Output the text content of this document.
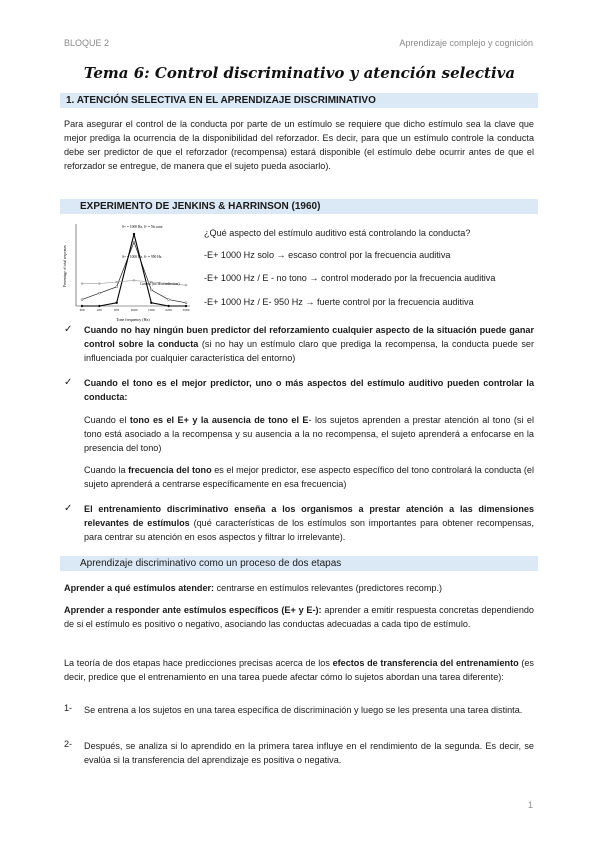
BLOQUE 2	Aprendizaje complejo y cognición
Tema 6: Control discriminativo y atención selectiva
1. ATENCIÓN SELECTIVA EN EL APRENDIZAJE DISCRIMINATIVO
Para asegurar el control de la conducta por parte de un estímulo se requiere que dicho estímulo sea la clave que mejor prediga la ocurrencia de la disponibilidad del reforzador. Es decir, para que un estímulo controle la conducta debe ser predictor de que el reforzador (recompensa) estará disponible (el estímulo debe ocurrir antes de que el reforzador se entregue, de manera que el sujeto pueda asociarlo).
EXPERIMENTO DE JENKINS & HARRINSON (1960)
300	450	670	1000	1500	2250	3500
Tone frequency (Hz)
Percentage of total responses
S+ = 1000 Hz, S- = No tone
S+ = 1000 Hz, S- = 950 Hz
Control (no discrimination)
¿Qué aspecto del estímulo auditivo está controlando la conducta?
-E+ 1000 Hz solo → escaso control por la frecuencia auditiva
-E+ 1000 Hz / E - no tono → control moderado por la frecuencia auditiva
-E+ 1000 Hz / E- 950 Hz → fuerte control por la frecuencia auditiva
✓ Cuando no hay ningún buen predictor del reforzamiento cualquier aspecto de la situación puede ganar control sobre la conducta (si no hay un estímulo claro que prediga la recompensa, la conducta puede ser influenciada por cualquier característica del entorno)
✓ Cuando el tono es el mejor predictor, uno o más aspectos del estímulo auditivo pueden controlar la conducta:
Cuando el tono es el E+ y la ausencia de tono el E- los sujetos aprenden a prestar atención al tono (si el tono está asociado a la recompensa y su ausencia a la no recompensa, el sujeto aprenderá a enfocarse en la presencia del tono)
Cuando la frecuencia del tono es el mejor predictor, ese aspecto específico del tono controlará la conducta (el sujeto aprenderá a centrarse específicamente en esa frecuencia)
✓ El entrenamiento discriminativo enseña a los organismos a prestar atención a las dimensiones relevantes de estímulos (qué características de los estímulos son importantes para obtener recompensas, para centrar su atención en esos aspectos y filtrar lo irrelevante).
Aprendizaje discriminativo como un proceso de dos etapas
Aprender a qué estímulos atender: centrarse en estímulos relevantes (predictores recomp.)
Aprender a responder ante estímulos específicos (E+ y E-): aprender a emitir respuesta concretas dependiendo de si el estímulo es positivo o negativo, asociando las conductas adecuadas a cada tipo de estímulo.
La teoría de dos etapas hace predicciones precisas acerca de los efectos de transferencia del entrenamiento (es decir, predice que el entrenamiento en una tarea puede afectar cómo lo sujetos abordan una tarea diferente):
1- Se entrena a los sujetos en una tarea específica de discriminación y luego se les presenta una tarea distinta.
2- Después, se analiza si lo aprendido en la primera tarea influye en el rendimiento de la segunda. Es decir, se evalúa si la transferencia del aprendizaje es positiva o negativa.
1
